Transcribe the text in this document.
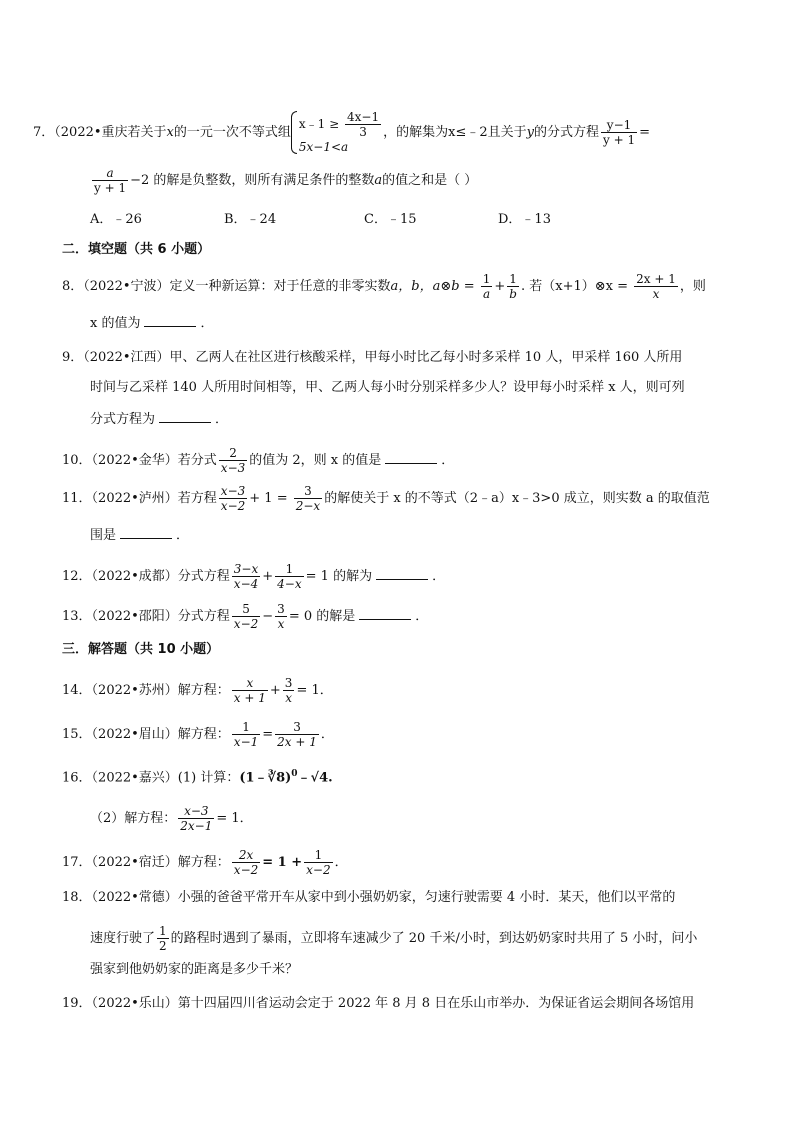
7．（2022•重庆若关于x的一元一次不等式组
x﹣1 ≥ $\frac{4x-1}{3}$
5x−1<a
，的解集为x≤﹣2且关于y的分式方程 $\frac{y-1}{y + 1}$ =
$\frac{a}{y + 1} -2$ 的解是负整数，则所有满足条件的整数a的值之和是（ ）
A．﹣26	B．﹣24	C．﹣15	D．﹣13
二．填空题（共 6 小题）
8．（2022•宁波）定义一种新运算：对于任意的非零实数a，b，a⊗b = $\frac{1}{a} + \frac{1}{b}$ . 若（x+1）⊗x = $\frac{2x + 1}{x}$ ，则
x 的值为	．
9．（2022•江西）甲、乙两人在社区进行核酸采样，甲每小时比乙每小时多采样 10 人，甲采样 160 人所用
时间与乙采样 140 人所用时间相等，甲、乙两人每小时分别采样多少人？设甲每小时采样 x 人，则可列
分式方程为	．
10．（2022•金华）若分式 $\frac{2}{x-3}$ 的值为 2，则 x 的值是	．
11．（2022•泸州）若方程 $\frac{x-3}{x-2} + 1 = \frac{3}{2-x}$ 的解使关于 x 的不等式（2﹣a）x﹣3>0 成立，则实数 a 的取值范
围是	．
12．（2022•成都）分式方程 $\frac{3-x}{x-4} + \frac{1}{4-x} = 1$ 的解为	．
13．（2022•邵阳）分式方程 $\frac{5}{x-2} - \frac{3}{x} = 0$ 的解是	．
三．解答题（共 10 小题）
14．（2022•苏州）解方程： $\frac{x}{x + 1} + \frac{3}{x} = 1$．
15．（2022•眉山）解方程： $\frac{1}{x-1} = \frac{3}{2x + 1}$ ．
16．（2022•嘉兴）(1) 计算：(1﹣∛8)$^0$﹣√4.
（2）解方程： $\frac{x-3}{2x-1} = 1$．
17．（2022•宿迁）解方程： $\frac{2x}{x-2} = 1 + \frac{1}{x-2}$ ．
18．（2022•常德）小强的爸爸平常开车从家中到小强奶奶家，匀速行驶需要 4 小时．某天，他们以平常的
速度行驶了 $\frac{1}{2}$ 的路程时遇到了暴雨，立即将车速减少了 20 千米/小时，到达奶奶家时共用了 5 小时，问小
强家到他奶奶家的距离是多少千米？
19．（2022•乐山）第十四届四川省运动会定于 2022 年 8 月 8 日在乐山市举办．为保证省运会期间各场馆用
